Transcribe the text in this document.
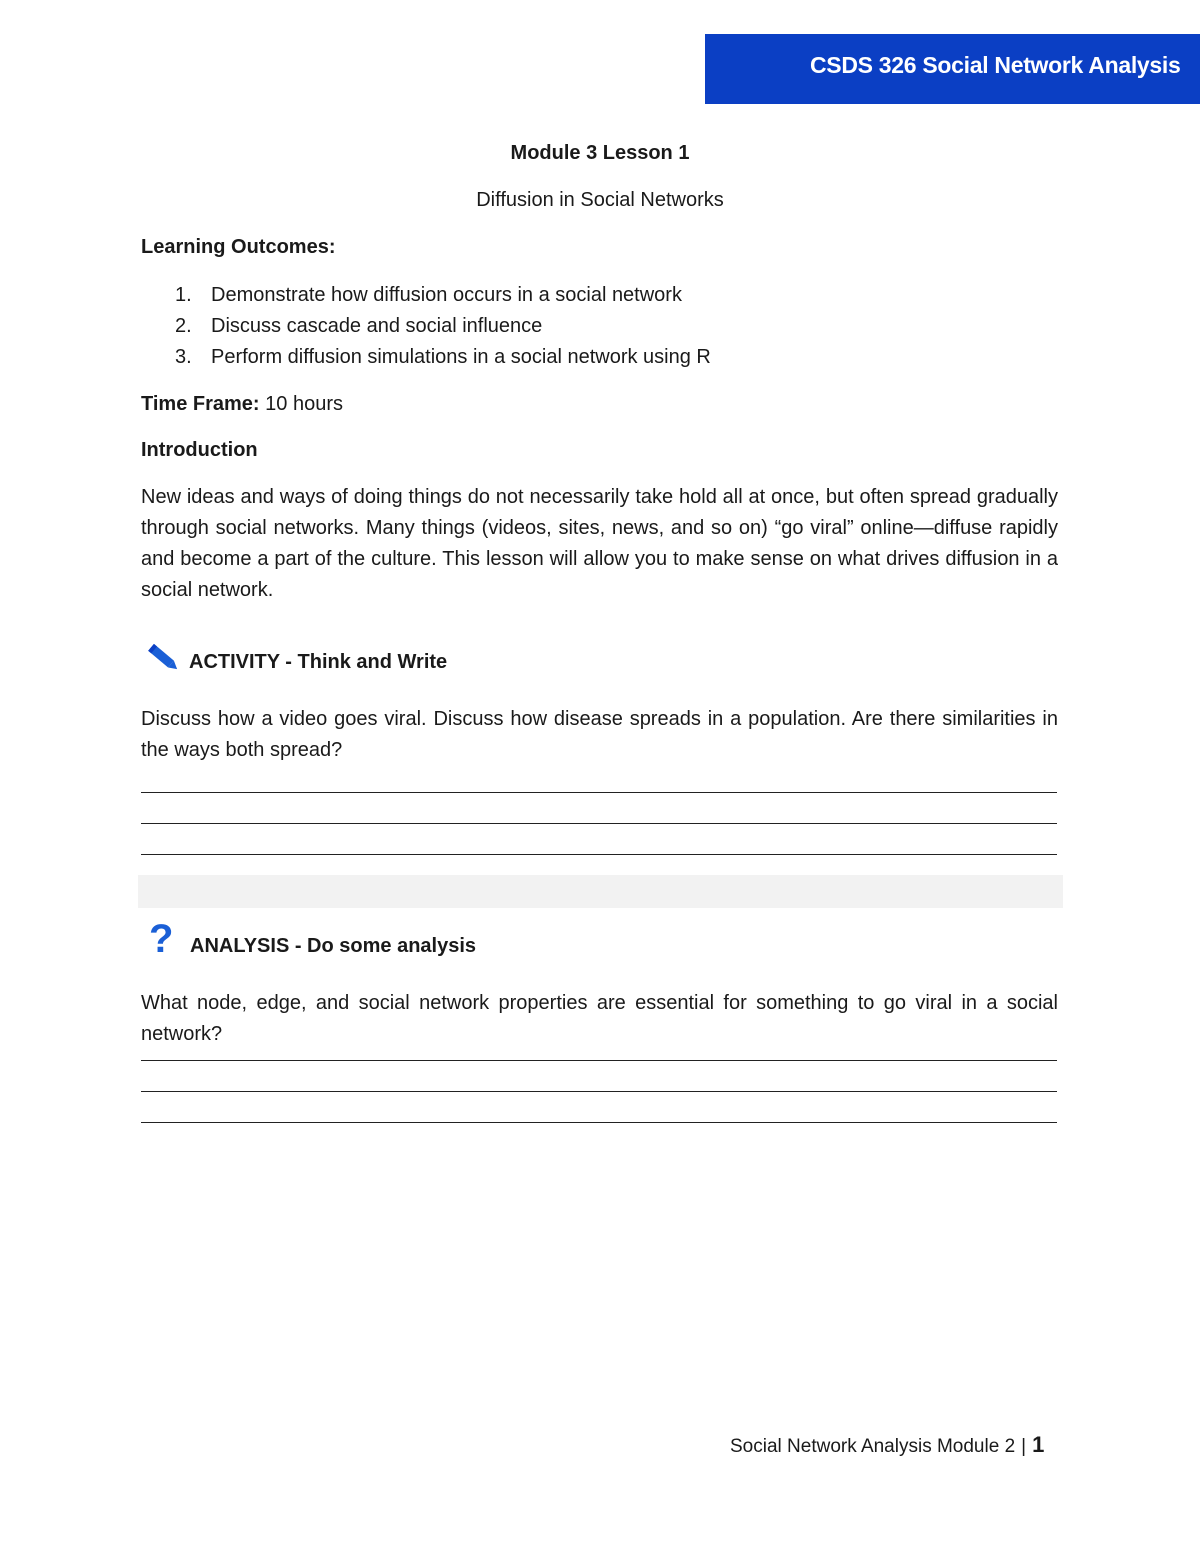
CSDS 326 Social Network Analysis
Module 3 Lesson 1
Diffusion in Social Networks
Learning Outcomes:
1. Demonstrate how diffusion occurs in a social network
2. Discuss cascade and social influence
3. Perform diffusion simulations in a social network using R
Time Frame: 10 hours
Introduction
New ideas and ways of doing things do not necessarily take hold all at once, but often spread gradually through social networks. Many things (videos, sites, news, and so on) “go viral” online—diffuse rapidly and become a part of the culture. This lesson will allow you to make sense on what drives diffusion in a social network.
ACTIVITY - Think and Write
Discuss how a video goes viral. Discuss how disease spreads in a population. Are there similarities in the ways both spread?
? ANALYSIS - Do some analysis
What node, edge, and social network properties are essential for something to go viral in a social network?
Social Network Analysis Module 2 | 1
